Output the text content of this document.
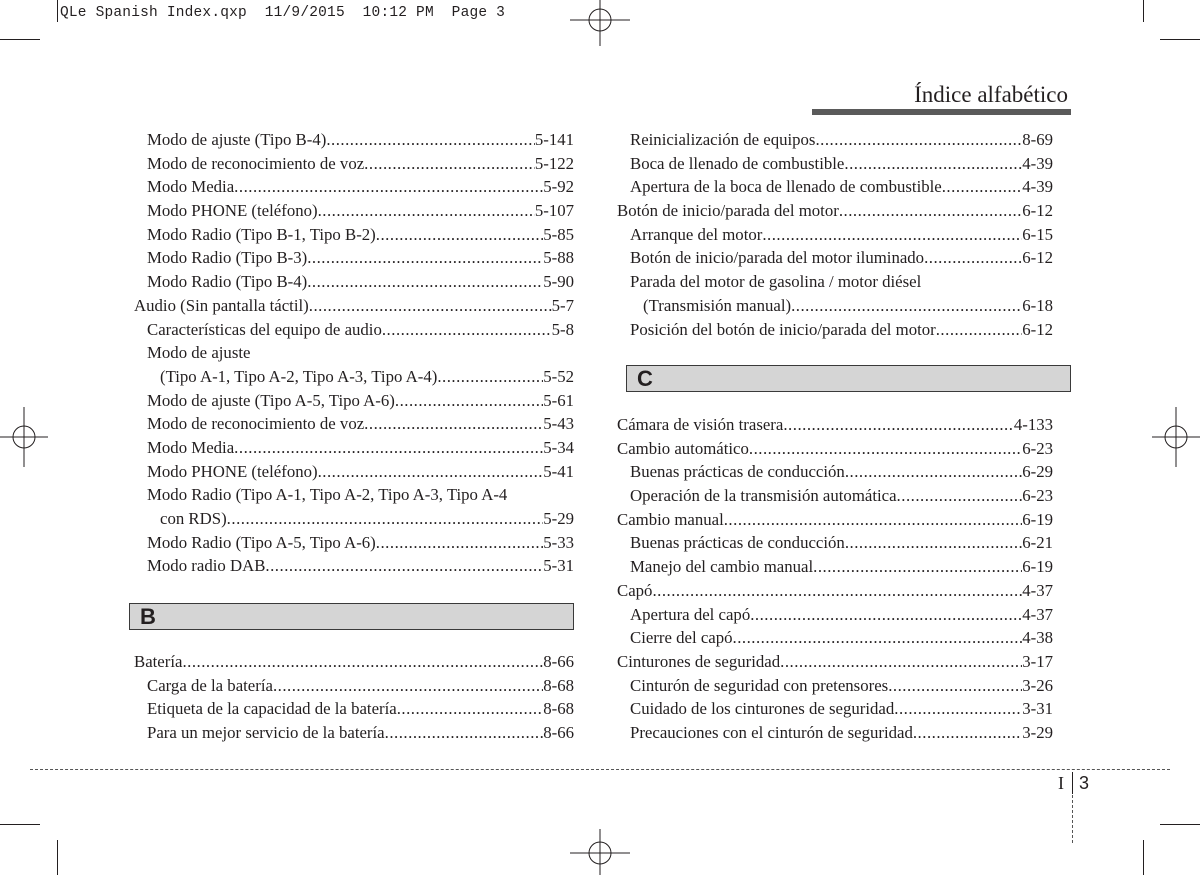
QLe Spanish Index.qxp  11/9/2015  10:12 PM  Page 3
Índice alfabético
Modo de ajuste (Tipo B-4) .....	5-141
Modo de reconocimiento de voz .....	5-122
Modo Media .....	5-92
Modo PHONE (teléfono) .....	5-107
Modo Radio (Tipo B-1, Tipo B-2) .....	5-85
Modo Radio (Tipo B-3) .....	5-88
Modo Radio (Tipo B-4) .....	5-90
Audio (Sin pantalla táctil) .....	5-7
Características del equipo de audio .....	5-8
Modo de ajuste
(Tipo A-1, Tipo A-2, Tipo A-3, Tipo A-4) .....	5-52
Modo de ajuste (Tipo A-5, Tipo A-6) .....	5-61
Modo de reconocimiento de voz .....	5-43
Modo Media .....	5-34
Modo PHONE (teléfono) .....	5-41
Modo Radio (Tipo A-1, Tipo A-2, Tipo A-3, Tipo A-4
con RDS) .....	5-29
Modo Radio (Tipo A-5, Tipo A-6) .....	5-33
Modo radio DAB .....	5-31
B
Batería .....	8-66
Carga de la batería .....	8-68
Etiqueta de la capacidad de la batería .....	8-68
Para un mejor servicio de la batería .....	8-66
Reinicialización de equipos .....	8-69
Boca de llenado de combustible .....	4-39
Apertura de la boca de llenado de combustible .....	4-39
Botón de inicio/parada del motor .....	6-12
Arranque del motor .....	6-15
Botón de inicio/parada del motor iluminado .....	6-12
Parada del motor de gasolina / motor diésel
(Transmisión manual) .....	6-18
Posición del botón de inicio/parada del motor .....	6-12
C
Cámara de visión trasera .....	4-133
Cambio automático .....	6-23
Buenas prácticas de conducción .....	6-29
Operación de la transmisión automática .....	6-23
Cambio manual .....	6-19
Buenas prácticas de conducción .....	6-21
Manejo del cambio manual .....	6-19
Capó .....	4-37
Apertura del capó .....	4-37
Cierre del capó .....	4-38
Cinturones de seguridad .....	3-17
Cinturón de seguridad con pretensores .....	3-26
Cuidado de los cinturones de seguridad .....	3-31
Precauciones con el cinturón de seguridad .....	3-29
I 3
